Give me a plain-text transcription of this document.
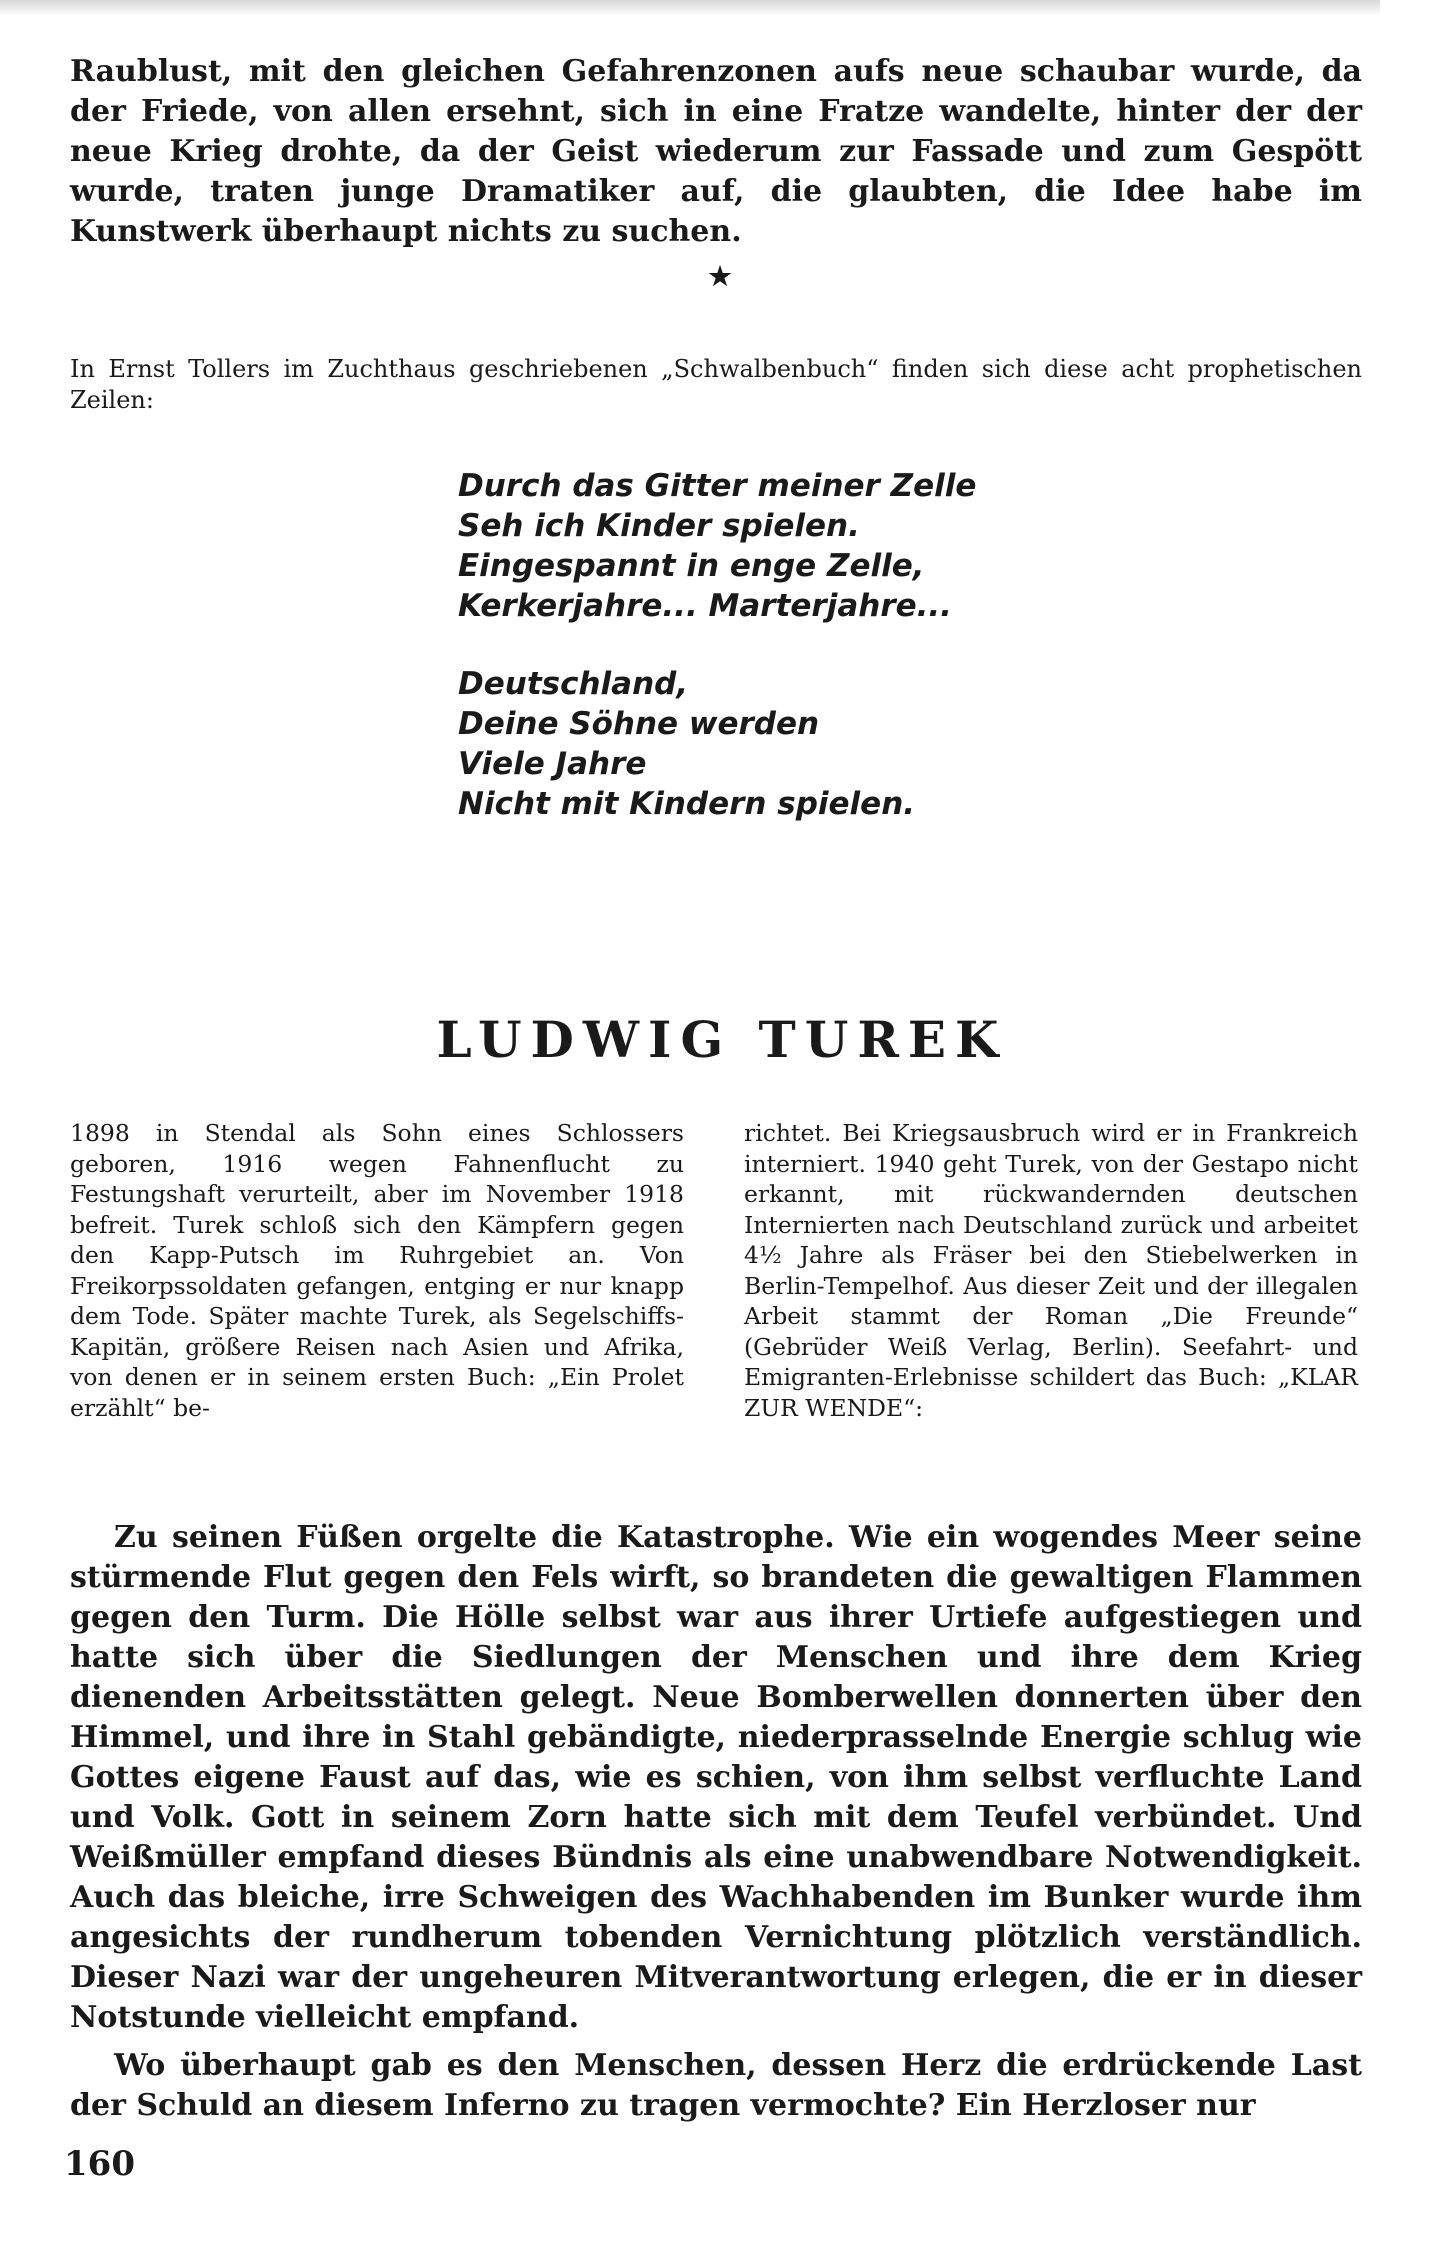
Raublust, mit den gleichen Gefahrenzonen aufs neue schaubar wurde, da der Friede, von allen ersehnt, sich in eine Fratze wandelte, hinter der der neue Krieg drohte, da der Geist wiederum zur Fassade und zum Gespött wurde, traten junge Dramatiker auf, die glaubten, die Idee habe im Kunstwerk überhaupt nichts zu suchen.

★
In Ernst Tollers im Zuchthaus geschriebenen „Schwalbenbuch“ finden sich diese acht prophetischen Zeilen:
Durch das Gitter meiner Zelle
Seh ich Kinder spielen.
Eingespannt in enge Zelle,
Kerkerjahre... Marterjahre...
Deutschland,
Deine Söhne werden
Viele Jahre
Nicht mit Kindern spielen.
LUDWIG TUREK
1898 in Stendal als Sohn eines Schlossers geboren, 1916 wegen Fahnenflucht zu Festungshaft verurteilt, aber im November 1918 befreit. Turek schloß sich den Kämpfern gegen den Kapp-Putsch im Ruhrgebiet an. Von Freikorpssoldaten gefangen, entging er nur knapp dem Tode. Später machte Turek, als Segelschiffs-Kapitän, größere Reisen nach Asien und Afrika, von denen er in seinem ersten Buch: „Ein Prolet erzählt“ be-
richtet. Bei Kriegsausbruch wird er in Frankreich interniert. 1940 geht Turek, von der Gestapo nicht erkannt, mit rückwandernden deutschen Internierten nach Deutschland zurück und arbeitet 4½ Jahre als Fräser bei den Stiebelwerken in Berlin-Tempelhof. Aus dieser Zeit und der illegalen Arbeit stammt der Roman „Die Freunde“ (Gebrüder Weiß Verlag, Berlin). Seefahrt- und Emigranten-Erlebnisse schildert das Buch: „KLAR ZUR WENDE“:

Zu seinen Füßen orgelte die Katastrophe. Wie ein wogendes Meer seine stürmende Flut gegen den Fels wirft, so brandeten die gewaltigen Flammen gegen den Turm. Die Hölle selbst war aus ihrer Urtiefe aufgestiegen und hatte sich über die Siedlungen der Menschen und ihre dem Krieg dienenden Arbeitsstätten gelegt. Neue Bomberwellen donnerten über den Himmel, und ihre in Stahl gebändigte, niederprasselnde Energie schlug wie Gottes eigene Faust auf das, wie es schien, von ihm selbst verfluchte Land und Volk. Gott in seinem Zorn hatte sich mit dem Teufel verbündet. Und Weißmüller empfand dieses Bündnis als eine unabwendbare Notwendigkeit. Auch das bleiche, irre Schweigen des Wachhabenden im Bunker wurde ihm angesichts der rundherum tobenden Vernichtung plötzlich verständlich. Dieser Nazi war der ungeheuren Mitverantwortung erlegen, die er in dieser Notstunde vielleicht empfand.

Wo überhaupt gab es den Menschen, dessen Herz die erdrückende Last der Schuld an diesem Inferno zu tragen vermochte? Ein Herzloser nur

160
